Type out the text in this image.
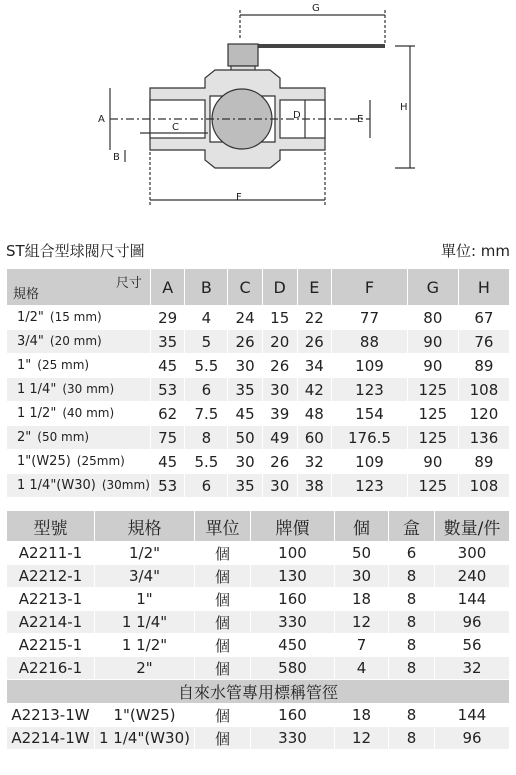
G
H
A
B
C
D	E
F
ST組合型球閥尺寸圖	單位: mm
尺寸
規格	A	B	C	D	E	F	G	H
1/2" (15 mm)	29	4	24	15	22	77	80	67
3/4" (20 mm)	35	5	26	20	26	88	90	76
1" (25 mm)	45	5.5	30	26	34	109	90	89
1 1/4" (30 mm)	53	6	35	30	42	123	125	108
1 1/2" (40 mm)	62	7.5	45	39	48	154	125	120
2" (50 mm)	75	8	50	49	60	176.5	125	136
1"(W25) (25mm)	45	5.5	30	26	32	109	90	89
1 1/4"(W30) (30mm)	53	6	35	30	38	123	125	108
型號	規格	單位	牌價	個	盒	數量/件
A2211-1	1/2"	個	100	50	6	300
A2212-1	3/4"	個	130	30	8	240
A2213-1	1"	個	160	18	8	144
A2214-1	1 1/4"	個	330	12	8	96
A2215-1	1 1/2"	個	450	7	8	56
A2216-1	2"	個	580	4	8	32
自來水管專用標稱管徑						
A2213-1W	1"(W25)	個	160	18	8	144
A2214-1W	1 1/4"(W30)	個	330	12	8	96
